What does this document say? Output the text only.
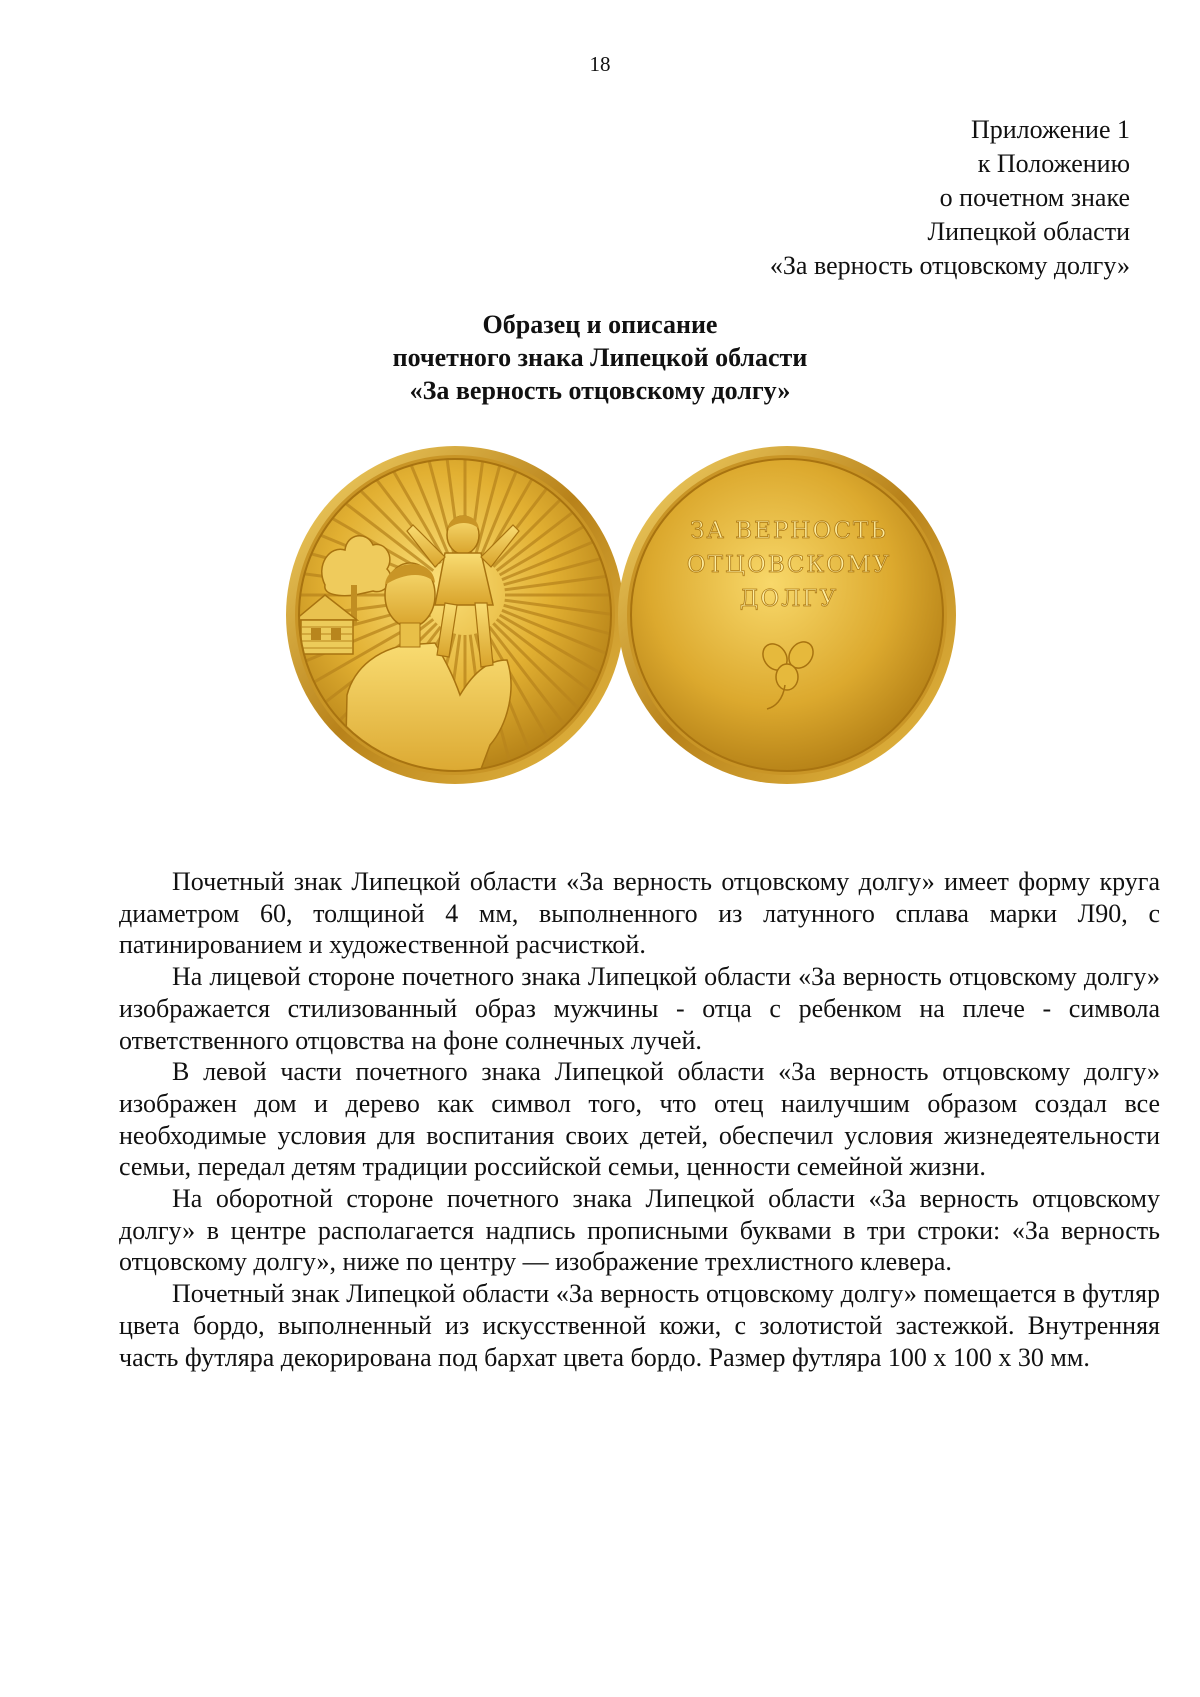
18
Приложение 1
к Положению
о почетном знаке
Липецкой области
«За верность отцовскому долгу»
Образец и описание
почетного знака Липецкой области
«За верность отцовскому долгу»
ЗА ВЕРНОСТЬ
ОТЦОВСКОМУ
ДОЛГУ

Почетный знак Липецкой области «За верность отцовскому долгу» имеет форму круга диаметром 60, толщиной 4 мм, выполненного из латунного сплава марки Л90, с патинированием и художественной расчисткой.

На лицевой стороне почетного знака Липецкой области «За верность отцовскому долгу» изображается стилизованный образ мужчины - отца с ребенком на плече - символа ответственного отцовства на фоне солнечных лучей.

В левой части почетного знака Липецкой области «За верность отцовскому долгу» изображен дом и дерево как символ того, что отец наилучшим образом создал все необходимые условия для воспитания своих детей, обеспечил условия жизнедеятельности семьи, передал детям традиции российской семьи, ценности семейной жизни.

На оборотной стороне почетного знака Липецкой области «За верность отцовскому долгу» в центре располагается надпись прописными буквами в три строки: «За верность отцовскому долгу», ниже по центру — изображение трехлистного клевера.

Почетный знак Липецкой области «За верность отцовскому долгу» помещается в футляр цвета бордо, выполненный из искусственной кожи, с золотистой застежкой. Внутренняя часть футляра декорирована под бархат цвета бордо. Размер футляра 100 х 100 х 30 мм.
